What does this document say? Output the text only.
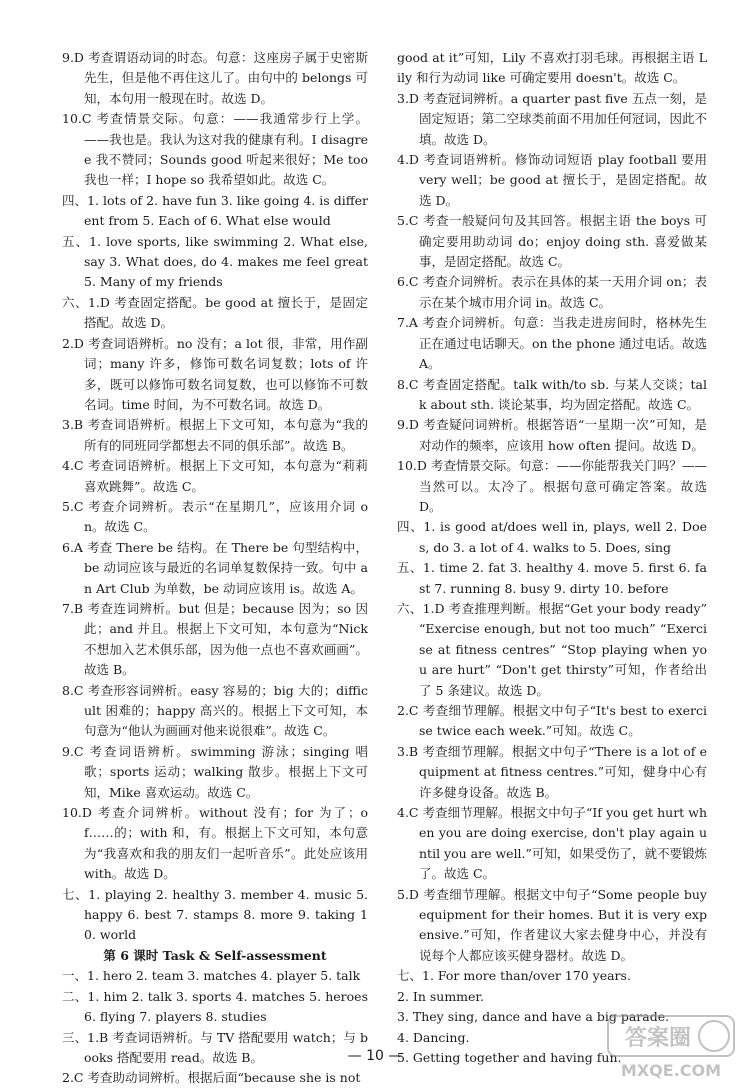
9.D 考查谓语动词的时态。句意：这座房子属于史密斯先生，但是他不再住这儿了。由句中的 belongs 可知，本句用一般现在时。故选 D。

10.C 考查情景交际。句意：——我通常步行上学。——我也是。我认为这对我的健康有利。I disagree 我不赞同；Sounds good 听起来很好；Me too 我也一样；I hope so 我希望如此。故选 C。

四、1. lots of 2. have fun 3. like going 4. is different from 5. Each of 6. What else would

五、1. love sports, like swimming 2. What else, say 3. What does, do 4. makes me feel great 5. Many of my friends

六、1.D 考查固定搭配。be good at 擅长于，是固定搭配。故选 D。

2.D 考查词语辨析。no 没有；a lot 很，非常，用作副词；many 许多，修饰可数名词复数；lots of 许多，既可以修饰可数名词复数，也可以修饰不可数名词。time 时间，为不可数名词。故选 D。

3.B 考查词语辨析。根据上下文可知，本句意为“我的所有的同班同学都想去不同的俱乐部”。故选 B。

4.C 考查词语辨析。根据上下文可知，本句意为“莉莉喜欢跳舞”。故选 C。

5.C 考查介词辨析。表示“在星期几”，应该用介词 on。故选 C。

6.A 考查 There be 结构。在 There be 句型结构中，be 动词应该与最近的名词单复数保持一致。句中 an Art Club 为单数，be 动词应该用 is。故选 A。

7.B 考查连词辨析。but 但是；because 因为；so 因此；and 并且。根据上下文可知，本句意为“Nick 不想加入艺术俱乐部，因为他一点也不喜欢画画”。故选 B。

8.C 考查形容词辨析。easy 容易的；big 大的；difficult 困难的；happy 高兴的。根据上下文可知，本句意为“他认为画画对他来说很难”。故选 C。

9.C 考查词语辨析。swimming 游泳；singing 唱歌；sports 运动；walking 散步。根据上下文可知，Mike 喜欢运动。故选 C。

10.D 考查介词辨析。without 没有；for 为了；of……的；with 和，有。根据上下文可知，本句意为“我喜欢和我的朋友们一起听音乐”。此处应该用 with。故选 D。

七、1. playing 2. healthy 3. member 4. music 5. happy 6. best 7. stamps 8. more 9. taking 10. world

第 6 课时 Task & Self-assessment

一、1. hero 2. team 3. matches 4. player 5. talk

二、1. him 2. talk 3. sports 4. matches 5. heroes 6. flying 7. players 8. studies

三、1.B 考查词语辨析。与 TV 搭配要用 watch；与 books 搭配要用 read。故选 B。

2.C 考查助动词辨析。根据后面“because she is not

good at it”可知，Lily 不喜欢打羽毛球。再根据主语 Lily 和行为动词 like 可确定要用 doesn't。故选 C。

3.D 考查冠词辨析。a quarter past five 五点一刻，是固定短语；第二空球类前面不用加任何冠词，因此不填。故选 D。

4.D 考查词语辨析。修饰动词短语 play football 要用 very well；be good at 擅长于，是固定搭配。故选 D。

5.C 考查一般疑问句及其回答。根据主语 the boys 可确定要用助动词 do；enjoy doing sth. 喜爱做某事，是固定搭配。故选 C。

6.C 考查介词辨析。表示在具体的某一天用介词 on；表示在某个城市用介词 in。故选 C。

7.A 考查介词辨析。句意：当我走进房间时，格林先生正在通过电话聊天。on the phone 通过电话。故选 A。

8.C 考查固定搭配。talk with/to sb. 与某人交谈；talk about sth. 谈论某事，均为固定搭配。故选 C。

9.D 考查疑问词辨析。根据答语“一星期一次”可知，是对动作的频率，应该用 how often 提问。故选 D。

10.D 考查情景交际。句意：——你能帮我关门吗？——当然可以。太冷了。根据句意可确定答案。故选 D。

四、1. is good at/does well in, plays, well 2. Does, do 3. a lot of 4. walks to 5. Does, sing

五、1. time 2. fat 3. healthy 4. move 5. first 6. fast 7. running 8. busy 9. dirty 10. before

六、1.D 考查推理判断。根据“Get your body ready” “Exercise enough, but not too much” “Exercise at fitness centres” “Stop playing when you are hurt” “Don't get thirsty”可知，作者给出了 5 条建议。故选 D。

2.C 考查细节理解。根据文中句子“It's best to exercise twice each week.”可知。故选 C。

3.B 考查细节理解。根据文中句子“There is a lot of equipment at fitness centres.”可知，健身中心有许多健身设备。故选 B。

4.C 考查细节理解。根据文中句子“If you get hurt when you are doing exercise, don't play again until you are well.”可知，如果受伤了，就不要锻炼了。故选 C。

5.D 考查细节理解。根据文中句子“Some people buy equipment for their homes. But it is very expensive.”可知，作者建议大家去健身中心，并没有说每个人都应该买健身器材。故选 D。

七、1. For more than/over 170 years.

2. In summer.

3. They sing, dance and have a big parade.

4. Dancing.

5. Getting together and having fun.

— 10 —
答案圈
MXQE.COM
